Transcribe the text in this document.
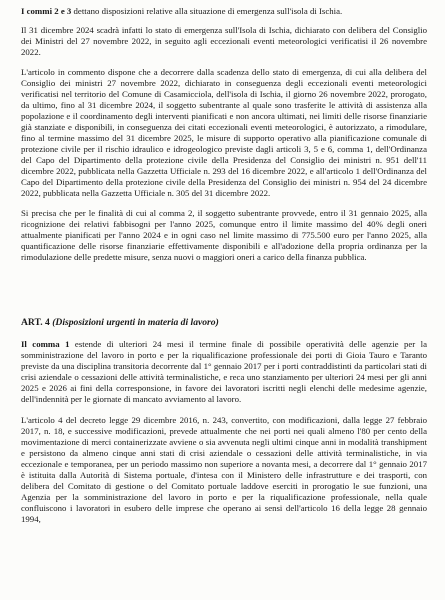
I commi 2 e 3 dettano disposizioni relative alla situazione di emergenza sull'isola di Ischia.

Il 31 dicembre 2024 scadrà infatti lo stato di emergenza sull'Isola di Ischia, dichiarato con delibera del Consiglio dei Ministri del 27 novembre 2022, in seguito agli eccezionali eventi meteorologici verificatisi il 26 novembre 2022.

L'articolo in commento dispone che a decorrere dalla scadenza dello stato di emergenza, di cui alla delibera del Consiglio dei ministri 27 novembre 2022, dichiarato in conseguenza degli eccezionali eventi meteorologici verificatisi nel territorio del Comune di Casamicciola, dell'isola di Ischia, il giorno 26 novembre 2022, prorogato, da ultimo, fino al 31 dicembre 2024, il soggetto subentrante al quale sono trasferite le attività di assistenza alla popolazione e il coordinamento degli interventi pianificati e non ancora ultimati, nei limiti delle risorse finanziarie già stanziate e disponibili, in conseguenza dei citati eccezionali eventi meteorologici, è autorizzato, a rimodulare, fino al termine massimo del 31 dicembre 2025, le misure di supporto operativo alla pianificazione comunale di protezione civile per il rischio idraulico e idrogeologico previste dagli articoli 3, 5 e 6, comma 1, dell'Ordinanza del Capo del Dipartimento della protezione civile della Presidenza del Consiglio dei ministri n. 951 dell'11 dicembre 2022, pubblicata nella Gazzetta Ufficiale n. 293 del 16 dicembre 2022, e all'articolo 1 dell'Ordinanza del Capo del Dipartimento della protezione civile della Presidenza del Consiglio dei ministri n. 954 del 24 dicembre 2022, pubblicata nella Gazzetta Ufficiale n. 305 del 31 dicembre 2022.

Si precisa che per le finalità di cui al comma 2, il soggetto subentrante provvede, entro il 31 gennaio 2025, alla ricognizione dei relativi fabbisogni per l'anno 2025, comunque entro il limite massimo del 40% degli oneri attualmente pianificati per l'anno 2024 e in ogni caso nel limite massimo di 775.500 euro per l'anno 2025, alla quantificazione delle risorse finanziarie effettivamente disponibili e all'adozione della propria ordinanza per la rimodulazione delle predette misure, senza nuovi o maggiori oneri a carico della finanza pubblica.

ART. 4 (Disposizioni urgenti in materia di lavoro)

Il comma 1 estende di ulteriori 24 mesi il termine finale di possibile operatività delle agenzie per la somministrazione del lavoro in porto e per la riqualificazione professionale dei porti di Gioia Tauro e Taranto previste da una disciplina transitoria decorrente dal 1° gennaio 2017 per i porti contraddistinti da particolari stati di crisi aziendale o cessazioni delle attività terminalistiche, e reca uno stanziamento per ulteriori 24 mesi per gli anni 2025 e 2026 ai fini della corresponsione, in favore dei lavoratori iscritti negli elenchi delle medesime agenzie, dell'indennità per le giornate di mancato avviamento al lavoro.

L'articolo 4 del decreto legge 29 dicembre 2016, n. 243, convertito, con modificazioni, dalla legge 27 febbraio 2017, n. 18, e successive modificazioni, prevede attualmente che nei porti nei quali almeno l'80 per cento della movimentazione di merci containerizzate avviene o sia avvenuta negli ultimi cinque anni in modalità transhipment e persistono da almeno cinque anni stati di crisi aziendale o cessazioni delle attività terminalistiche, in via eccezionale e temporanea, per un periodo massimo non superiore a novanta mesi, a decorrere dal 1° gennaio 2017 è istituita dalla Autorità di Sistema portuale, d'intesa con il Ministero delle infrastrutture e dei trasporti, con delibera del Comitato di gestione o del Comitato portuale laddove eserciti in prorogatio le sue funzioni, una Agenzia per la somministrazione del lavoro in porto e per la riqualificazione professionale, nella quale confluiscono i lavoratori in esubero delle imprese che operano ai sensi dell'articolo 16 della legge 28 gennaio 1994,
